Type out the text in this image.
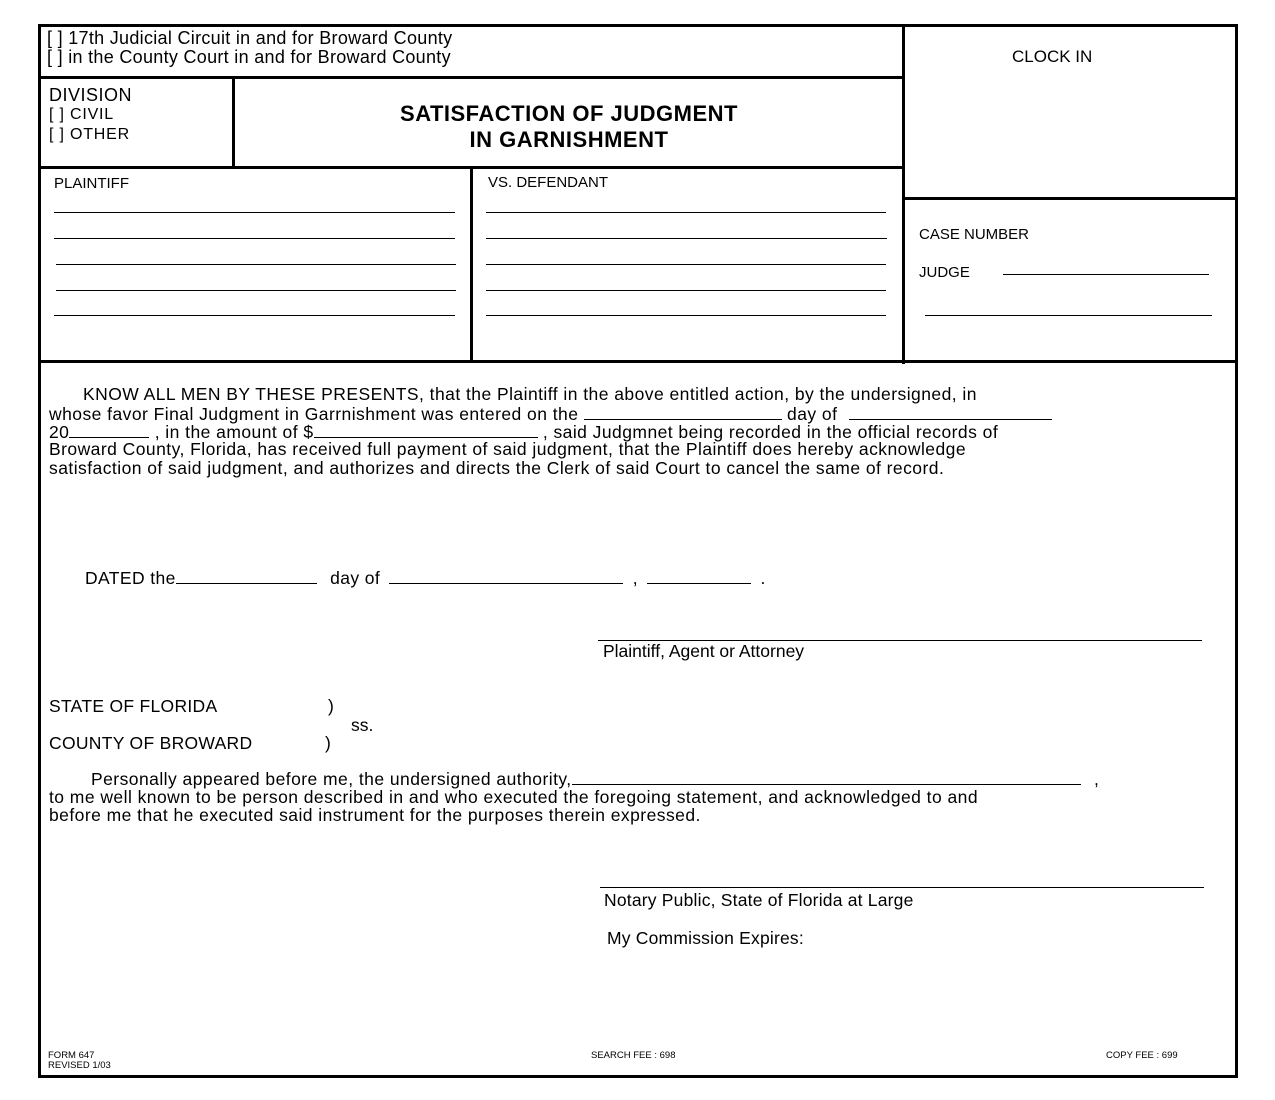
[ ] 17th Judicial Circuit in and for Broward County
[ ] in the County Court in and for Broward County	CLOCK IN
DIVISION
[ ] CIVIL
[ ] OTHER
SATISFACTION OF JUDGMENT
IN GARNISHMENT
PLAINTIFF	VS. DEFENDANT
CASE NUMBER
JUDGE
KNOW ALL MEN BY THESE PRESENTS, that the Plaintiff in the above entitled action, by the undersigned, in
whose favor Final Judgment in Garrnishment was entered on the	day of
20	, in the amount of $	, said Judgmnet being recorded in the official records of
Broward County, Florida, has received full payment of said judgment, that the Plaintiff does hereby acknowledge
satisfaction of said judgment, and authorizes and directs the Clerk of said Court to cancel the same of record.
DATED the	day of	,	.
Plaintiff, Agent or Attorney
STATE OF FLORIDA	)
ss.
COUNTY OF BROWARD	)
Personally appeared before me, the undersigned authority,	,
to me well known to be person described in and who executed the foregoing statement, and acknowledged to and
before me that he executed said instrument for the purposes therein expressed.
Notary Public, State of Florida at Large
My Commission Expires:
FORM 647
REVISED 1/03
SEARCH FEE : 698	COPY FEE : 699
